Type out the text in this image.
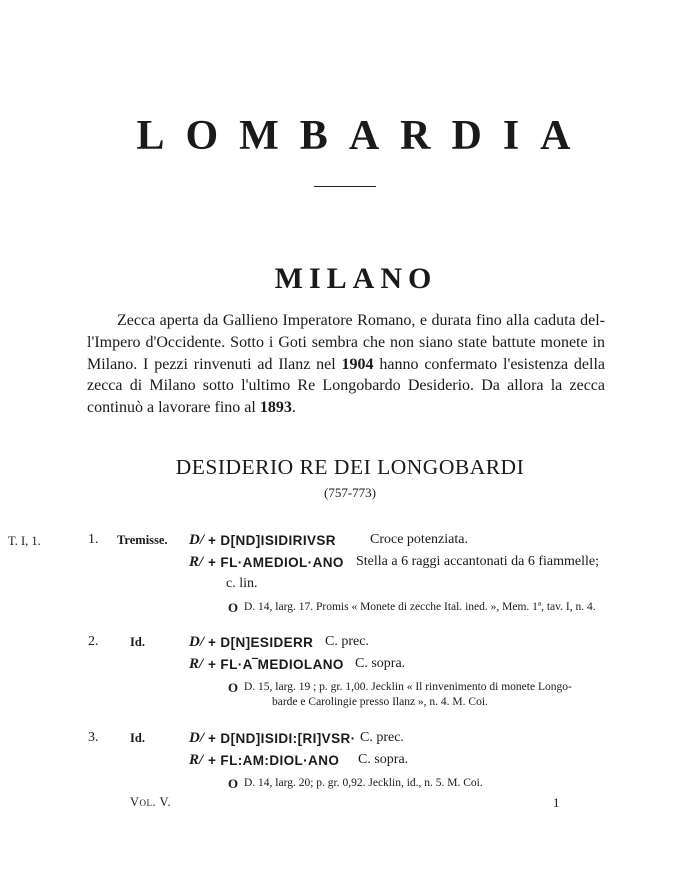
LOMBARDIA
MILANO
Zecca aperta da Gallieno Imperatore Romano, e durata fino alla caduta del-l'Impero d'Occidente. Sotto i Goti sembra che non siano state battute monete in Milano. I pezzi rinvenuti ad Ilanz nel 1904 hanno confermato l'esistenza della zecca di Milano sotto l'ultimo Re Longobardo Desiderio. Da allora la zecca continuò a lavorare fino al 1893.
DESIDERIO RE DEI LONGOBARDI
(757-773)
T. I, 1.	1. Tremisse. D/ + D[ND]ISIDIRIVSR Croce potenziata.
R/ + FL·AMEDIOL·ANO Stella a 6 raggi accantonati da 6 fiammelle;
c. lin.
O D. 14, larg. 17. Promis « Monete di zecche Ital. ined. », Mem. 1ª, tav. I, n. 4.
2.	Id.	D/ + D[N]ESIDERR C. prec.
R/ + FL·A‾MEDIOLANO C. sopra.
O D. 15, larg. 19 ; p. gr. 1,00. Jecklin « Il rinvenimento di monete Longo-
barde e Carolingie presso Ilanz », n. 4. M. Coi.
3.	Id.	D/ + D[ND]ISIDI:[RI]VSR· C. prec.
R/ + FL:AM:DIOL·ANO C. sopra.
O D. 14, larg. 20; p. gr. 0,92. Jecklin, id., n. 5. M. Coi.
Vol. V.	1
